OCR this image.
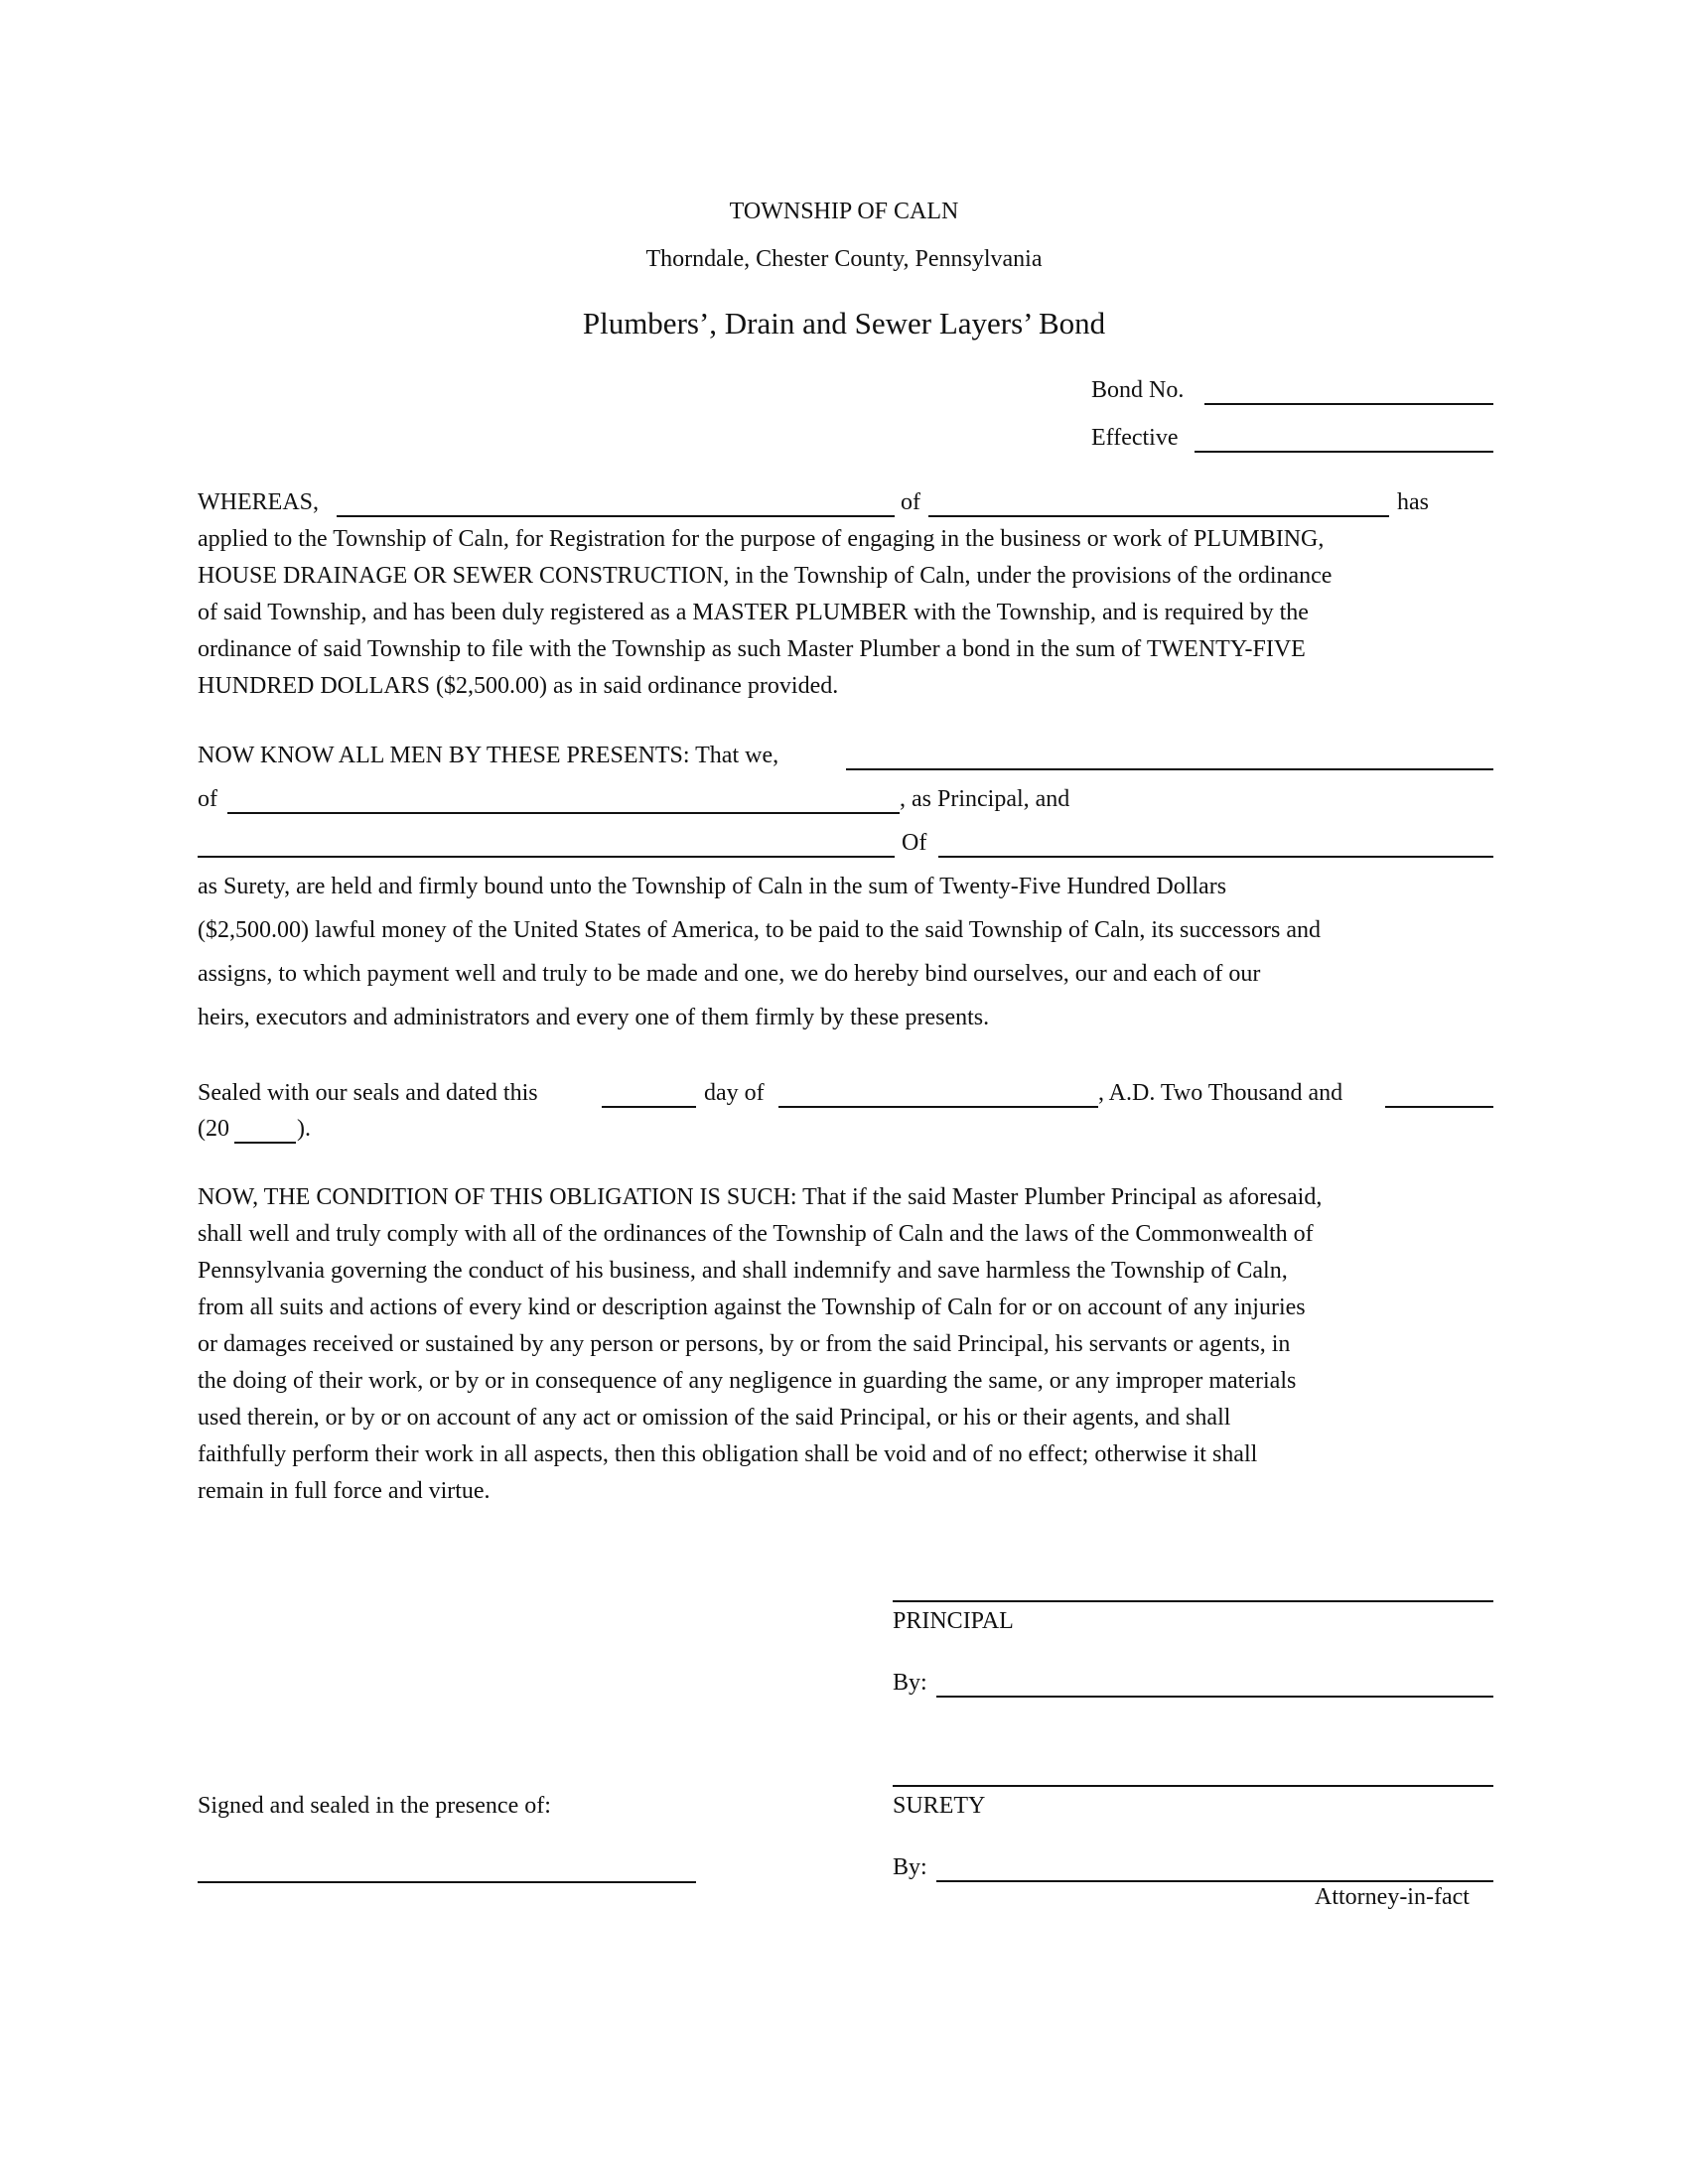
TOWNSHIP OF CALN
Thorndale, Chester County, Pennsylvania
Plumbers’, Drain and Sewer Layers’ Bond
Bond No.
Effective
WHEREAS,	of	has
applied to the Township of Caln, for Registration for the purpose of engaging in the business or work of PLUMBING,
HOUSE DRAINAGE OR SEWER CONSTRUCTION, in the Township of Caln, under the provisions of the ordinance
of said Township, and has been duly registered as a MASTER PLUMBER with the Township, and is required by the
ordinance of said Township to file with the Township as such Master Plumber a bond in the sum of TWENTY-FIVE
HUNDRED DOLLARS ($2,500.00) as in said ordinance provided.
NOW KNOW ALL MEN BY THESE PRESENTS: That we,
of	, as Principal, and
Of
as Surety, are held and firmly bound unto the Township of Caln in the sum of Twenty-Five Hundred Dollars
($2,500.00) lawful money of the United States of America, to be paid to the said Township of Caln, its successors and
assigns, to which payment well and truly to be made and one, we do hereby bind ourselves, our and each of our
heirs, executors and administrators and every one of them firmly by these presents.
Sealed with our seals and dated this	day of	, A.D. Two Thousand and
(20	).
NOW, THE CONDITION OF THIS OBLIGATION IS SUCH: That if the said Master Plumber Principal as aforesaid,
shall well and truly comply with all of the ordinances of the Township of Caln and the laws of the Commonwealth of
Pennsylvania governing the conduct of his business, and shall indemnify and save harmless the Township of Caln,
from all suits and actions of every kind or description against the Township of Caln for or on account of any injuries
or damages received or sustained by any person or persons, by or from the said Principal, his servants or agents, in
the doing of their work, or by or in consequence of any negligence in guarding the same, or any improper materials
used therein, or by or on account of any act or omission of the said Principal, or his or their agents, and shall
faithfully perform their work in all aspects, then this obligation shall be void and of no effect; otherwise it shall
remain in full force and virtue.
PRINCIPAL
By:
Signed and sealed in the presence of:	SURETY
By:
Attorney-in-fact
